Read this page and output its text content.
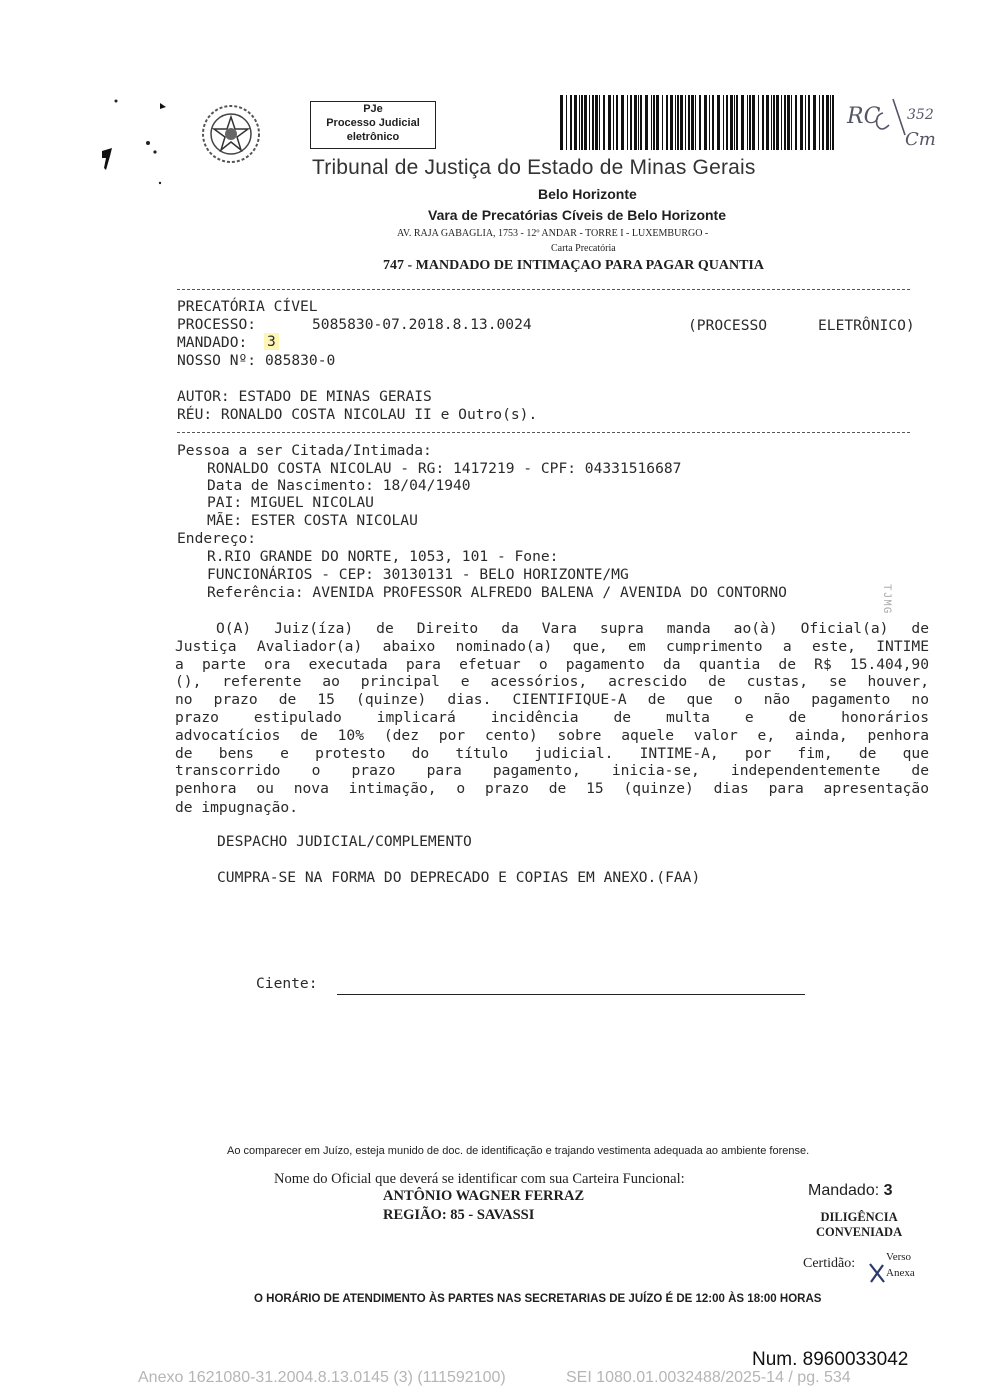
PJe
Processo Judicial
eletrônico
RC 352
Cm
Tribunal de Justiça do Estado de Minas Gerais
Belo Horizonte
Vara de Precatórias Cíveis de Belo Horizonte
AV. RAJA GABAGLIA, 1753 - 12º ANDAR - TORRE I - LUXEMBURGO -
Carta Precatória
747 - MANDADO DE INTIMAÇAO PARA PAGAR QUANTIA
PRECATÓRIA CÍVEL
PROCESSO:	5085830-07.2018.8.13.0024	(PROCESSO	ELETRÔNICO)
MANDADO: 3
NOSSO Nº: 085830-0
AUTOR: ESTADO DE MINAS GERAIS
RÉU: RONALDO COSTA NICOLAU II e Outro(s).
Pessoa a ser Citada/Intimada:
RONALDO COSTA NICOLAU - RG: 1417219 - CPF: 04331516687
Data de Nascimento: 18/04/1940
PAI: MIGUEL NICOLAU
MÃE: ESTER COSTA NICOLAU
Endereço:
R.RIO GRANDE DO NORTE, 1053, 101 - Fone:
FUNCIONÁRIOS - CEP: 30130131 - BELO HORIZONTE/MG
Referência: AVENIDA PROFESSOR ALFREDO BALENA / AVENIDA DO CONTORNO	TJMG
O(A) Juiz(íza) de Direito da Vara supra manda ao(à) Oficial(a) de
Justiça Avaliador(a) abaixo nominado(a) que, em cumprimento a este, INTIME
a parte ora executada para efetuar o pagamento da quantia de R$ 15.404,90
(), referente ao principal e acessórios, acrescido de custas, se houver,
no prazo de 15 (quinze) dias. CIENTIFIQUE-A de que o não pagamento no
prazo estipulado implicará incidência de multa e de honorários
advocatícios de 10% (dez por cento) sobre aquele valor e, ainda, penhora
de bens e protesto do título judicial. INTIME-A, por fim, de que
transcorrido o prazo para pagamento, inicia-se, independentemente de
penhora ou nova intimação, o prazo de 15 (quinze) dias para apresentação
de impugnação.
DESPACHO JUDICIAL/COMPLEMENTO
CUMPRA-SE NA FORMA DO DEPRECADO E COPIAS EM ANEXO.(FAA)
Ciente:
Ao comparecer em Juízo, esteja munido de doc. de identificação e trajando vestimenta adequada ao ambiente forense.
Nome do Oficial que deverá se identificar com sua Carteira Funcional:
ANTÔNIO WAGNER FERRAZ
REGIÃO: 85 - SAVASSI
Mandado: 3
DILIGÊNCIA
CONVENIADA
Certidão:	Verso
Anexa
O HORÁRIO DE ATENDIMENTO ÀS PARTES NAS SECRETARIAS DE JUÍZO É DE 12:00 ÀS 18:00 HORAS
Num. 8960033042
Anexo 1621080-31.2004.8.13.0145 (3) (111592100)	SEI 1080.01.0032488/2025-14 / pg. 534
